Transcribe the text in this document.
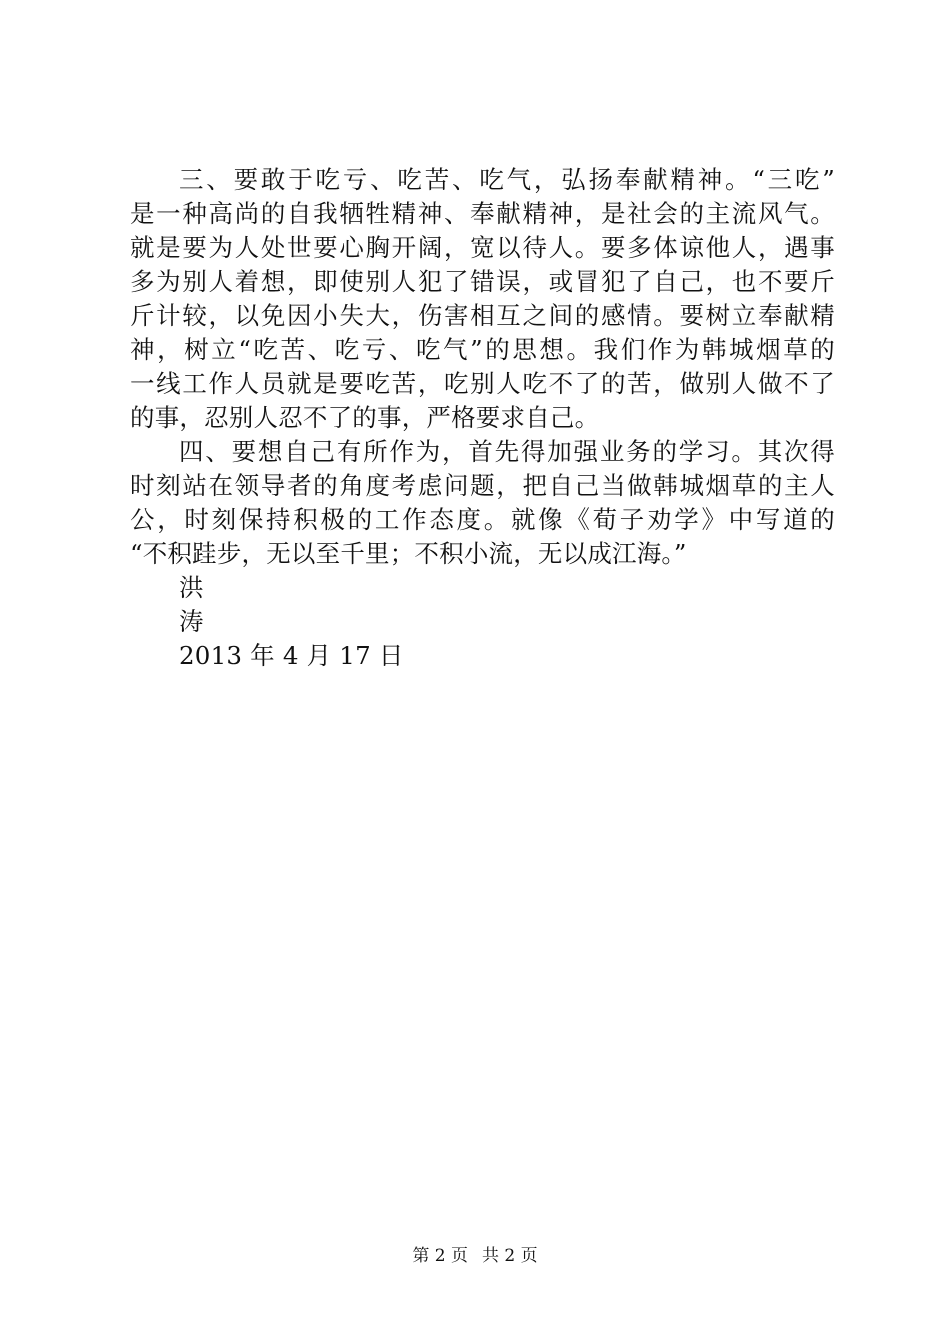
三、要敢于吃亏、吃苦、吃气，弘扬奉献精神。“三吃”
是一种高尚的自我牺牲精神、奉献精神，是社会的主流风气。
就是要为人处世要心胸开阔，宽以待人。要多体谅他人，遇事
多为别人着想，即使别人犯了错误，或冒犯了自己，也不要斤
斤计较，以免因小失大，伤害相互之间的感情。要树立奉献精
神，树立“吃苦、吃亏、吃气”的思想。我们作为韩城烟草的
一线工作人员就是要吃苦，吃别人吃不了的苦，做别人做不了
的事，忍别人忍不了的事，严格要求自己。
四、要想自己有所作为，首先得加强业务的学习。其次得
时刻站在领导者的角度考虑问题，把自己当做韩城烟草的主人
公，时刻保持积极的工作态度。就像《荀子劝学》中写道的
“不积跬步，无以至千里；不积小流，无以成江海。”
洪
涛
2013 年 4 月 17 日
第 2 页 共 2 页
